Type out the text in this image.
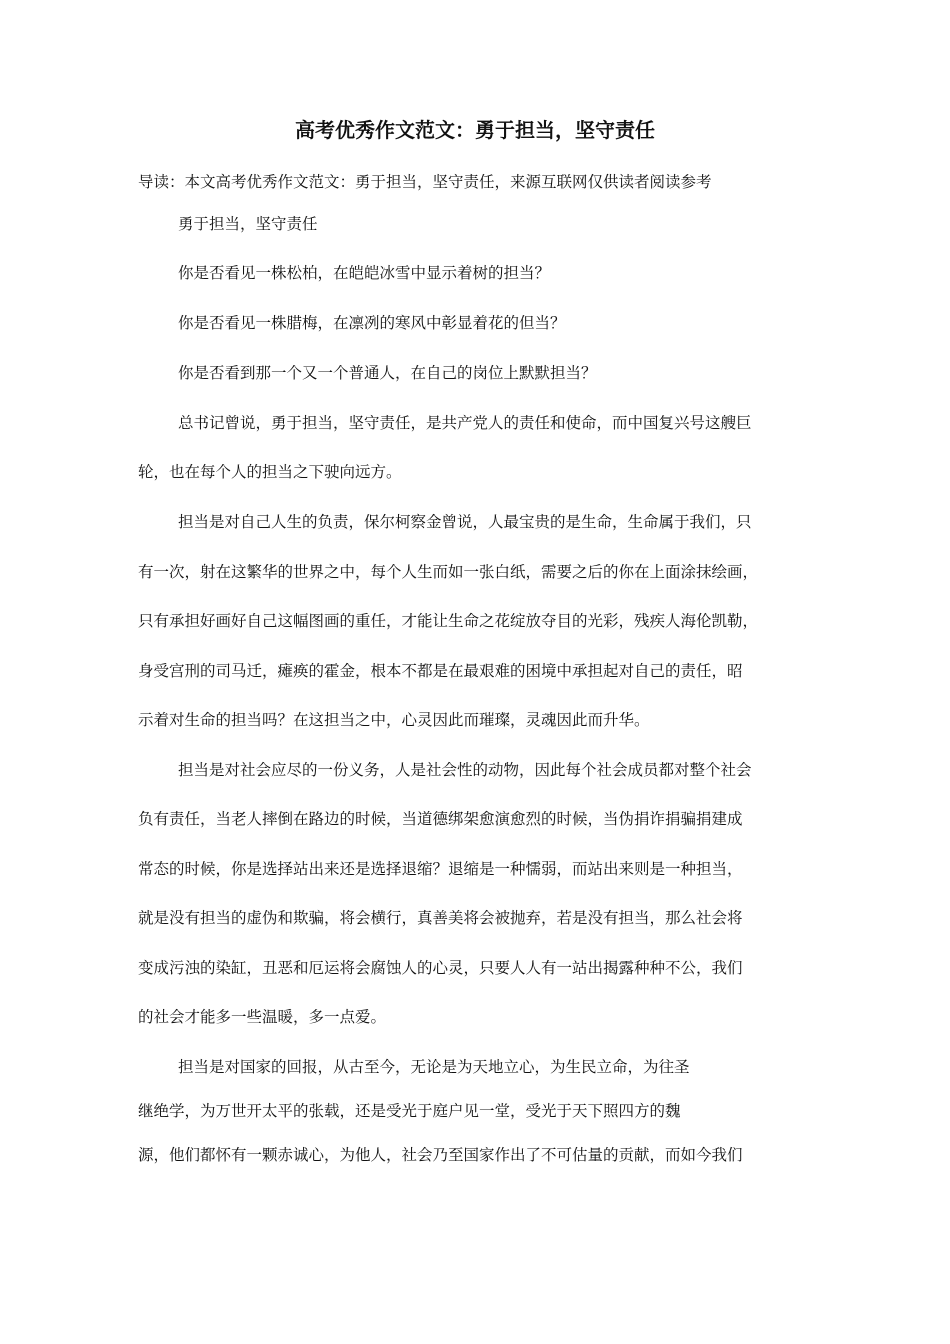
高考优秀作文范文：勇于担当，坚守责任
导读：本文高考优秀作文范文：勇于担当，坚守责任，来源互联网仅供读者阅读参考
勇于担当，坚守责任
你是否看见一株松柏，在皑皑冰雪中显示着树的担当？
你是否看见一株腊梅，在凛冽的寒风中彰显着花的但当？
你是否看到那一个又一个普通人，在自己的岗位上默默担当？
总书记曾说，勇于担当，坚守责任，是共产党人的责任和使命，而中国复兴号这艘巨
轮，也在每个人的担当之下驶向远方。
担当是对自己人生的负责，保尔柯察金曾说，人最宝贵的是生命，生命属于我们，只
有一次，射在这繁华的世界之中，每个人生而如一张白纸，需要之后的你在上面涂抹绘画，
只有承担好画好自己这幅图画的重任，才能让生命之花绽放夺目的光彩，残疾人海伦凯勒，
身受宫刑的司马迁，瘫痪的霍金，根本不都是在最艰难的困境中承担起对自己的责任，昭
示着对生命的担当吗？在这担当之中，心灵因此而璀璨，灵魂因此而升华。
担当是对社会应尽的一份义务，人是社会性的动物，因此每个社会成员都对整个社会
负有责任，当老人摔倒在路边的时候，当道德绑架愈演愈烈的时候，当伪捐诈捐骗捐建成
常态的时候，你是选择站出来还是选择退缩？退缩是一种懦弱，而站出来则是一种担当，
就是没有担当的虚伪和欺骗，将会横行，真善美将会被抛弃，若是没有担当，那么社会将
变成污浊的染缸，丑恶和厄运将会腐蚀人的心灵，只要人人有一站出揭露种种不公，我们
的社会才能多一些温暖，多一点爱。
担当是对国家的回报，从古至今，无论是为天地立心，为生民立命，为往圣
继绝学，为万世开太平的张载，还是受光于庭户见一堂，受光于天下照四方的魏
源，他们都怀有一颗赤诚心，为他人，社会乃至国家作出了不可估量的贡献，而如今我们
